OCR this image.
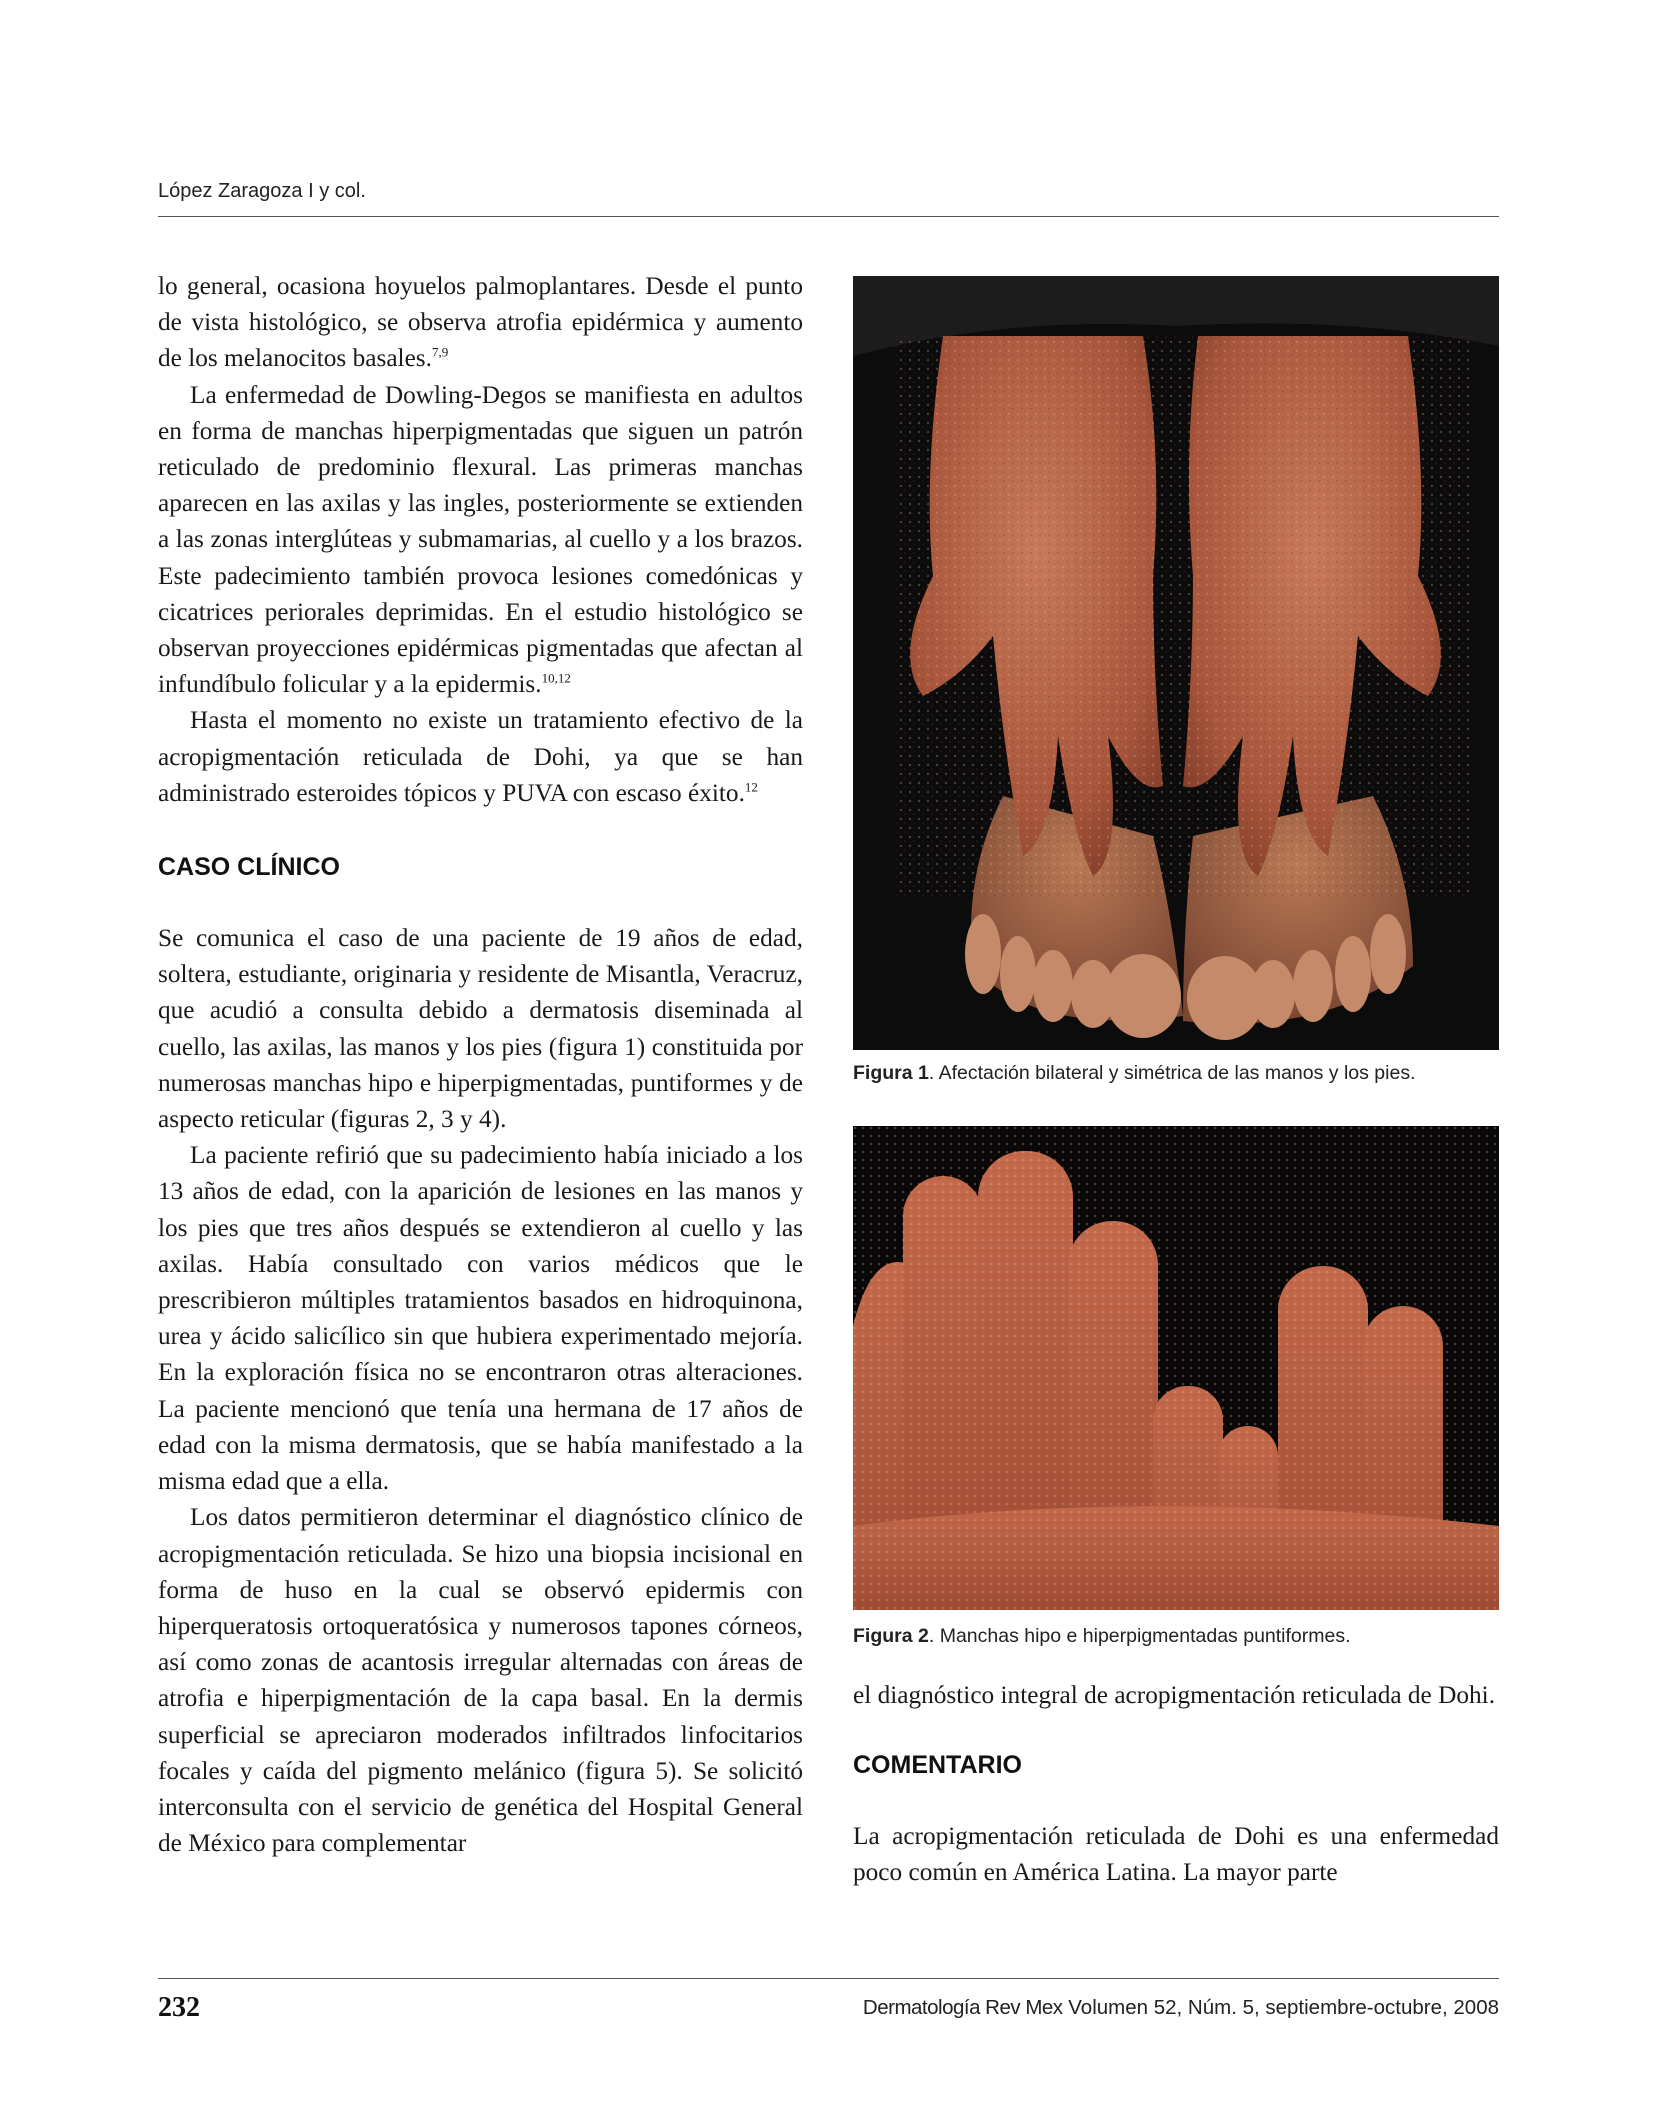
López Zaragoza I y col.

lo general, ocasiona hoyuelos palmoplantares. Desde el punto de vista histológico, se observa atrofia epidérmica y aumento de los melanocitos basales.$^{7,9}$

La enfermedad de Dowling-Degos se manifiesta en adultos en forma de manchas hiperpigmentadas que siguen un patrón reticulado de predominio flexural. Las primeras manchas aparecen en las axilas y las ingles, posteriormente se extienden a las zonas interglúteas y submamarias, al cuello y a los brazos. Este padecimiento también provoca lesiones comedónicas y cicatrices periorales deprimidas. En el estudio histológico se observan proyecciones epidérmicas pigmentadas que afectan al infundíbulo folicular y a la epidermis.$^{10,12}$

Hasta el momento no existe un tratamiento efectivo de la acropigmentación reticulada de Dohi, ya que se han administrado esteroides tópicos y PUVA con escaso éxito.$^{12}$

CASO CLÍNICO

Se comunica el caso de una paciente de 19 años de edad, soltera, estudiante, originaria y residente de Misantla, Veracruz, que acudió a consulta debido a dermatosis diseminada al cuello, las axilas, las manos y los pies (figura 1) constituida por numerosas manchas hipo e hiperpigmentadas, puntiformes y de aspecto reticular (figuras 2, 3 y 4).

La paciente refirió que su padecimiento había iniciado a los 13 años de edad, con la aparición de lesiones en las manos y los pies que tres años después se extendieron al cuello y las axilas. Había consultado con varios médicos que le prescribieron múltiples tratamientos basados en hidroquinona, urea y ácido salicílico sin que hubiera experimentado mejoría. En la exploración física no se encontraron otras alteraciones. La paciente mencionó que tenía una hermana de 17 años de edad con la misma dermatosis, que se había manifestado a la misma edad que a ella.

Los datos permitieron determinar el diagnóstico clínico de acropigmentación reticulada. Se hizo una biopsia incisional en forma de huso en la cual se observó epidermis con hiperqueratosis ortoqueratósica y numerosos tapones córneos, así como zonas de acantosis irregular alternadas con áreas de atrofia e hiperpigmentación de la capa basal. En la dermis superficial se apreciaron moderados infiltrados linfocitarios focales y caída del pigmento melánico (figura 5). Se solicitó interconsulta con el servicio de genética del Hospital General de México para complementar

Figura 1. Afectación bilateral y simétrica de las manos y los pies.
Figura 2. Manchas hipo e hiperpigmentadas puntiformes.

el diagnóstico integral de acropigmentación reticulada de Dohi.

COMENTARIO

La acropigmentación reticulada de Dohi es una enfermedad poco común en América Latina. La mayor parte

232	Dermatología Rev Mex Volumen 52, Núm. 5, septiembre-octubre, 2008
